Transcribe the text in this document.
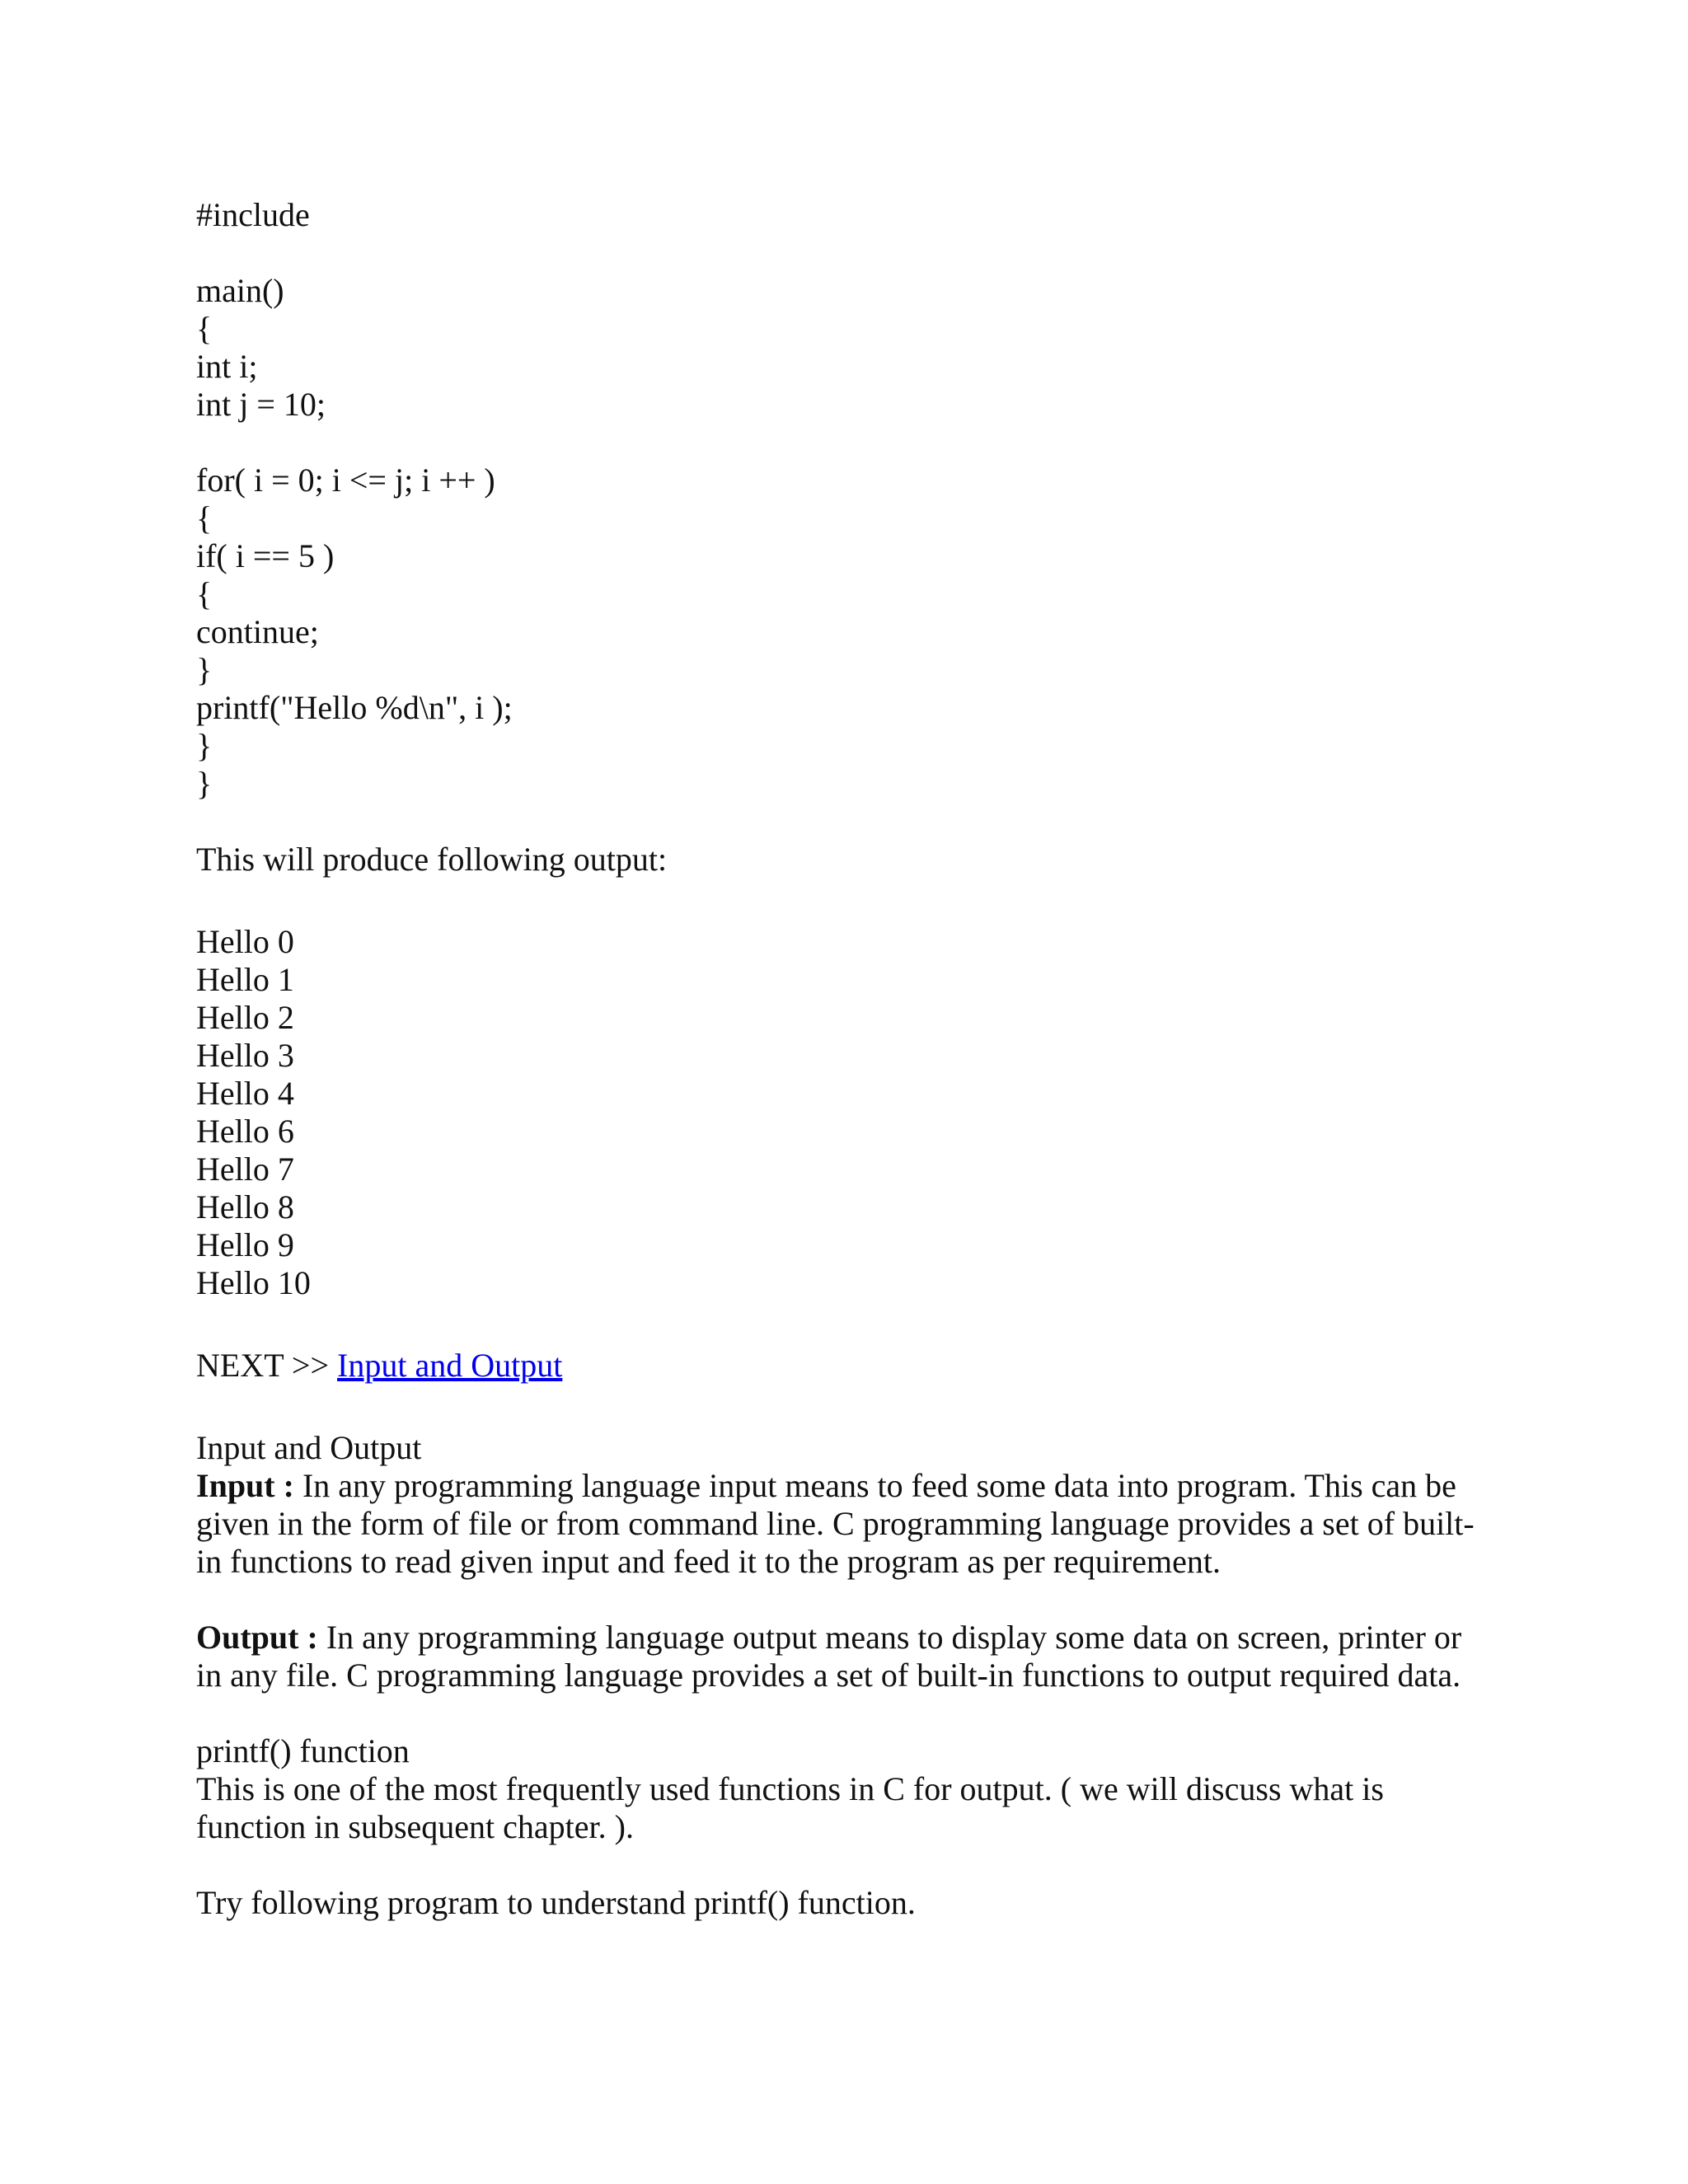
#include
main()
{
int i;
int j = 10;
for( i = 0; i <= j; i ++ )
{
if( i == 5 )
{
continue;
}
printf("Hello %d\n", i );
}
}
This will produce following output:
Hello 0
Hello 1
Hello 2
Hello 3
Hello 4
Hello 6
Hello 7
Hello 8
Hello 9
Hello 10
NEXT >> Input and Output
Input and Output

Input : In any programming language input means to feed some data into program. This can be given in the form of file or from command line. C programming language provides a set of built-in functions to read given input and feed it to the program as per requirement.

Output : In any programming language output means to display some data on screen, printer or in any file. C programming language provides a set of built-in functions to output required data.

printf() function

This is one of the most frequently used functions in C for output. ( we will discuss what is function in subsequent chapter. ).

Try following program to understand printf() function.
